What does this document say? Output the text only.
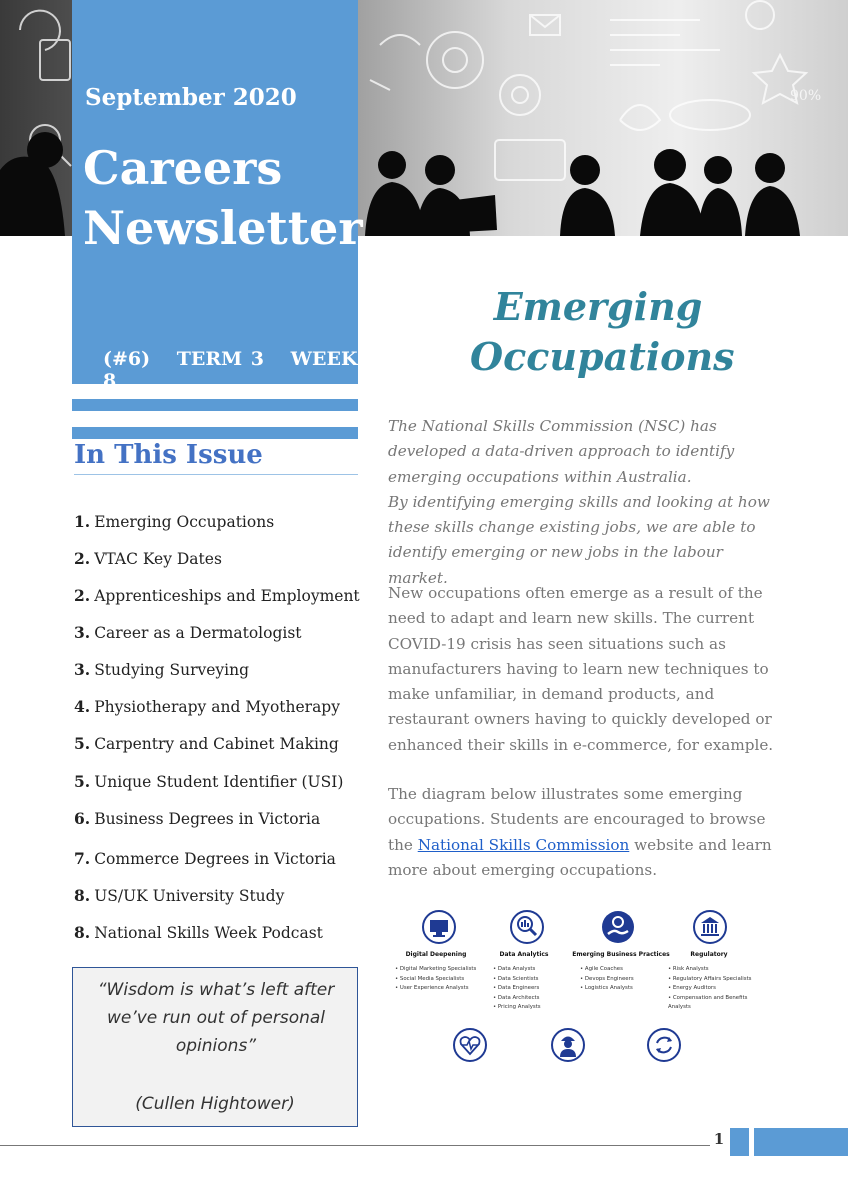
90%
September 2020
Careers
Newsletter
(#6) TERM 3 WEEK 8
In This Issue
1. Emerging Occupations
2. VTAC Key Dates
2. Apprenticeships and Employment
3. Career as a Dermatologist
3. Studying Surveying
4. Physiotherapy and Myotherapy
5. Carpentry and Cabinet Making
5. Unique Student Identifier (USI)
6. Business Degrees in Victoria
7. Commerce Degrees in Victoria
8. US/UK University Study
8. National Skills Week Podcast
“Wisdom is what’s left after
we’ve run out of personal
opinions”
(Cullen Hightower)
Emerging
Occupations
The National Skills Commission (NSC) has developed a data-driven approach to identify emerging occupations within Australia.
By identifying emerging skills and looking at how these skills change existing jobs, we are able to identify emerging or new jobs in the labour market.
New occupations often emerge as a result of the need to adapt and learn new skills. The current COVID-19 crisis has seen situations such as manufacturers having to learn new techniques to make unfamiliar, in demand products, and restaurant owners having to quickly developed or enhanced their skills in e-commerce, for example.
The diagram below illustrates some emerging occupations. Students are encouraged to browse the National Skills Commission website and learn more about emerging occupations.
Digital Deepening
• Digital Marketing Specialists
• Social Media Specialists
• User Experience Analysts
Data Analytics
• Data Analysts
• Data Scientists
• Data Engineers
• Data Architects
• Pricing Analysts
Emerging Business Practices
• Agile Coaches
• Devops Engineers
• Logistics Analysts
Regulatory
• Risk Analysts
• Regulatory Affairs Specialists
• Energy Auditors
• Compensation and Benefits Analysts
1
